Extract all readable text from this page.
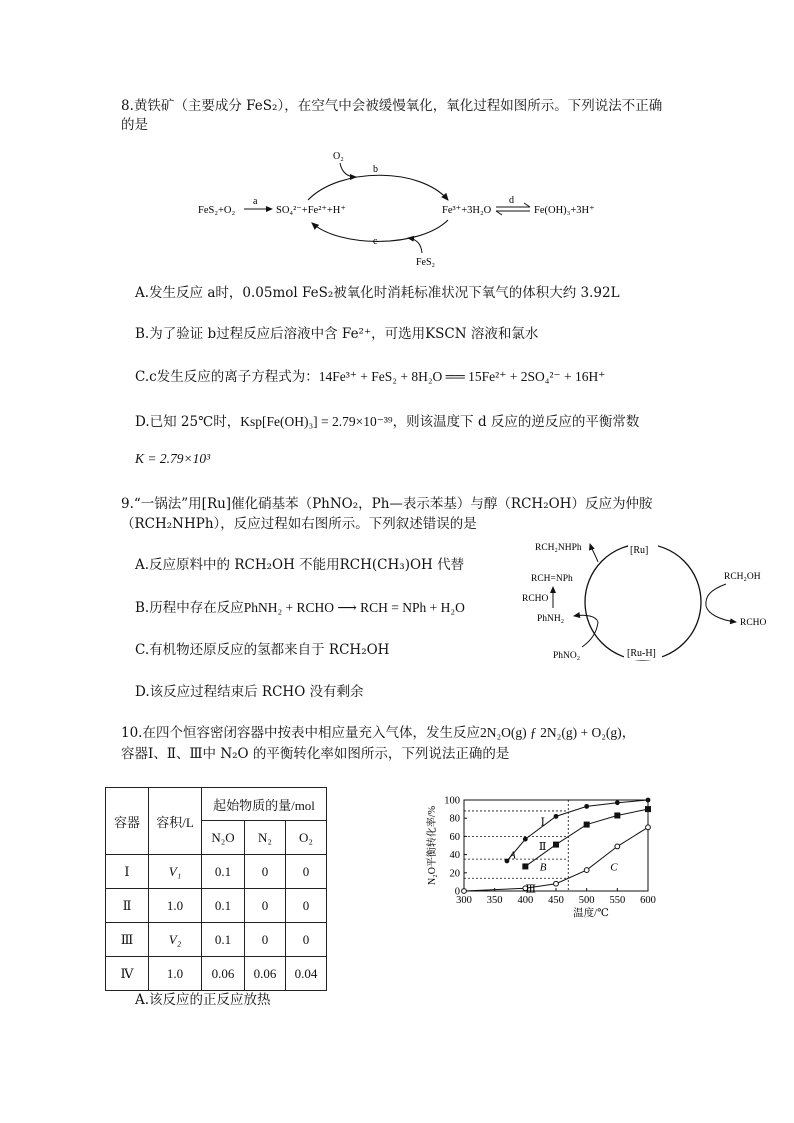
8.黄铁矿（主要成分 FeS₂），在空气中会被缓慢氧化，氧化过程如图所示。下列说法不正确
的是
FeS₂+O₂
a
SO₄²⁻+Fe²⁺+H⁺
O₂
b
c
FeS₂
Fe³⁺+3H₂O
d
Fe(OH)₃+3H⁺
A.发生反应 a时，0.05mol FeS₂被氧化时消耗标准状况下氧气的体积大约 3.92L
B.为了验证 b过程反应后溶液中含 Fe²⁺，可选用KSCN 溶液和氯水
C.c发生反应的离子方程式为：14Fe³⁺ + FeS₂ + 8H₂O ══ 15Fe²⁺ + 2SO₄²⁻ + 16H⁺
D.已知 25℃时，Ksp[Fe(OH)₃] = 2.79×10⁻³⁹，则该温度下 d 反应的逆反应的平衡常数
K = 2.79×10³
9.“一锅法”用[Ru]催化硝基苯（PhNO₂，Ph—表示苯基）与醇（RCH₂OH）反应为仲胺
（RCH₂NHPh），反应过程如右图所示。下列叙述错误的是
A.反应原料中的 RCH₂OH 不能用RCH(CH₃)OH 代替
B.历程中存在反应PhNH₂ + RCHO ⟶ RCH = NPh + H₂O
C.有机物还原反应的氢都来自于 RCH₂OH
D.该反应过程结束后 RCHO 没有剩余
[Ru]
[Ru-H]
RCH₂OH
RCHO
RCH₂NHPh
RCH=NPh
RCHO
PhNH₂
PhNO₂
10.在四个恒容密闭容器中按表中相应量充入气体，发生反应2N₂O(g) ƒ 2N₂(g) + O₂(g)，
容器Ⅰ、Ⅱ、Ⅲ中 N₂O 的平衡转化率如图所示，下列说法正确的是
容器	容积/L	起始物质的量/mol		
		N₂O	N₂	O₂
Ⅰ	V₁	0.1	0	0
Ⅱ	1.0	0.1	0	0
Ⅲ	V₂	0.1	0	0
Ⅳ	1.0	0.06	0.06	0.04
A.该反应的正反应放热
300 350 400 450 500 550 600
0
20
40
60
80
100
温度/℃
N₂O平衡转化率/%	Ⅰ
Ⅱ
Ⅲ
A
B	C
